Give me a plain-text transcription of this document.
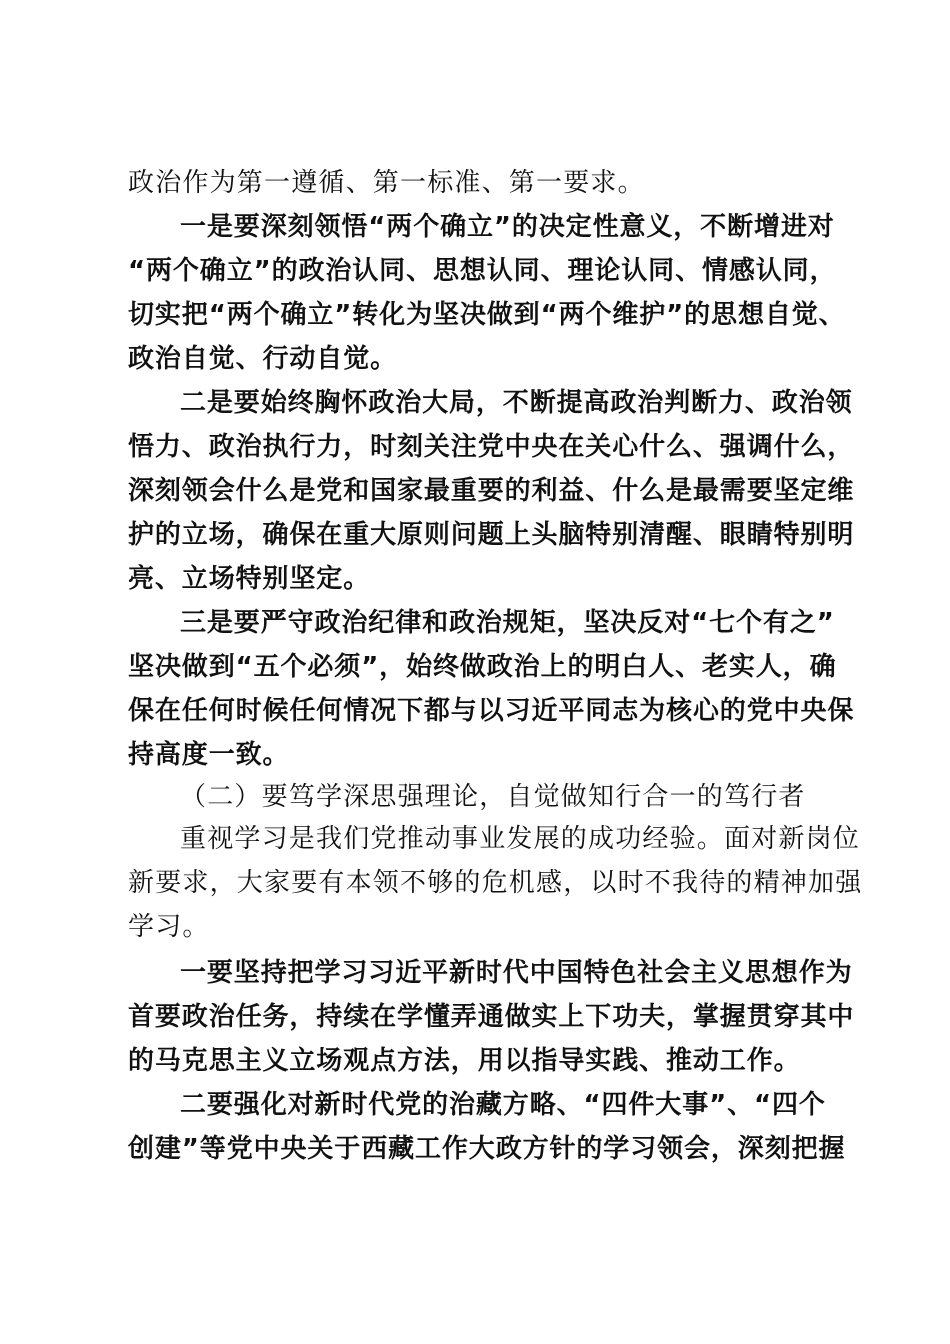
政治作为第一遵循、第一标准、第一要求。
一是要深刻领悟“两个确立”的决定性意义，不断增进对
“两个确立”的政治认同、思想认同、理论认同、情感认同，
切实把“两个确立”转化为坚决做到“两个维护”的思想自觉、
政治自觉、行动自觉。
二是要始终胸怀政治大局，不断提高政治判断力、政治领
悟力、政治执行力，时刻关注党中央在关心什么、强调什么，
深刻领会什么是党和国家最重要的利益、什么是最需要坚定维
护的立场，确保在重大原则问题上头脑特别清醒、眼睛特别明
亮、立场特别坚定。
三是要严守政治纪律和政治规矩，坚决反对“七个有之”
坚决做到“五个必须”，始终做政治上的明白人、老实人，确
保在任何时候任何情况下都与以习近平同志为核心的党中央保
持高度一致。
（二）要笃学深思强理论，自觉做知行合一的笃行者
重视学习是我们党推动事业发展的成功经验。面对新岗位
新要求，大家要有本领不够的危机感，以时不我待的精神加强
学习。
一要坚持把学习习近平新时代中国特色社会主义思想作为
首要政治任务，持续在学懂弄通做实上下功夫，掌握贯穿其中
的马克思主义立场观点方法，用以指导实践、推动工作。
二要强化对新时代党的治藏方略、“四件大事”、“四个
创建”等党中央关于西藏工作大政方针的学习领会，深刻把握
